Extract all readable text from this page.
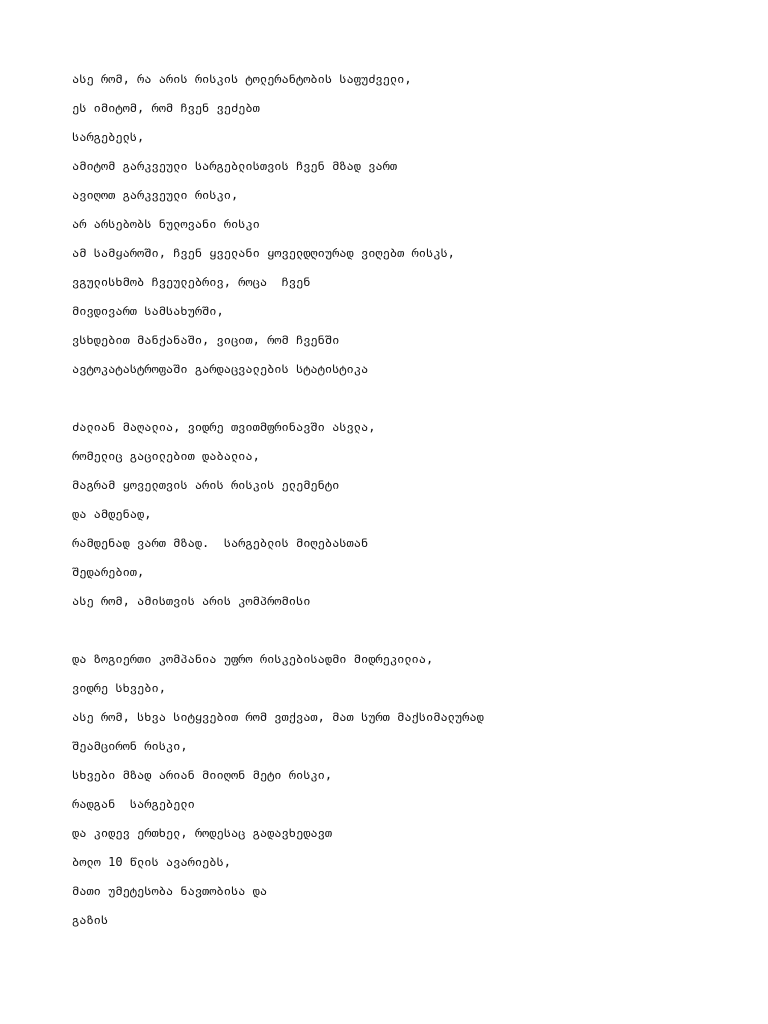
ასე რომ, რა არის რისკის ტოლერანტობის საფუძველი,
ეს იმიტომ, რომ ჩვენ ვეძებთ
სარგებელს,
ამიტომ გარკვეული სარგებლისთვის ჩვენ მზად ვართ
ავიღოთ გარკვეული რისკი,
არ არსებობს ნულოვანი რისკი
ამ სამყაროში, ჩვენ ყველანი ყოველდღიურად ვიღებთ რისკს,
ვგულისხმობ ჩვეულებრივ, როცა  ჩვენ
მივდივართ სამსახურში,
ვსხდებით მანქანაში, ვიცით, რომ ჩვენში
ავტოკატასტროფაში გარდაცვალების სტატისტიკა
ძალიან მაღალია, ვიდრე თვითმფრინავში ასვლა,
რომელიც გაცილებით დაბალია,
მაგრამ ყოველთვის არის რისკის ელემენტი
და ამდენად,
რამდენად ვართ მზად.  სარგებლის მიღებასთან
შედარებით,
ასე რომ, ამისთვის არის კომპრომისი
და ზოგიერთი კომპანია უფრო რისკებისადმი მიდრეკილია,
ვიდრე სხვები,
ასე რომ, სხვა სიტყვებით რომ ვთქვათ, მათ სურთ მაქსიმალურად
შეამცირონ რისკი,
სხვები მზად არიან მიიღონ მეტი რისკი,
რადგან  სარგებელი
და კიდევ ერთხელ, როდესაც გადავხედავთ
ბოლო 10 წლის ავარიებს,
მათი უმეტესობა ნავთობისა და
გაზის
